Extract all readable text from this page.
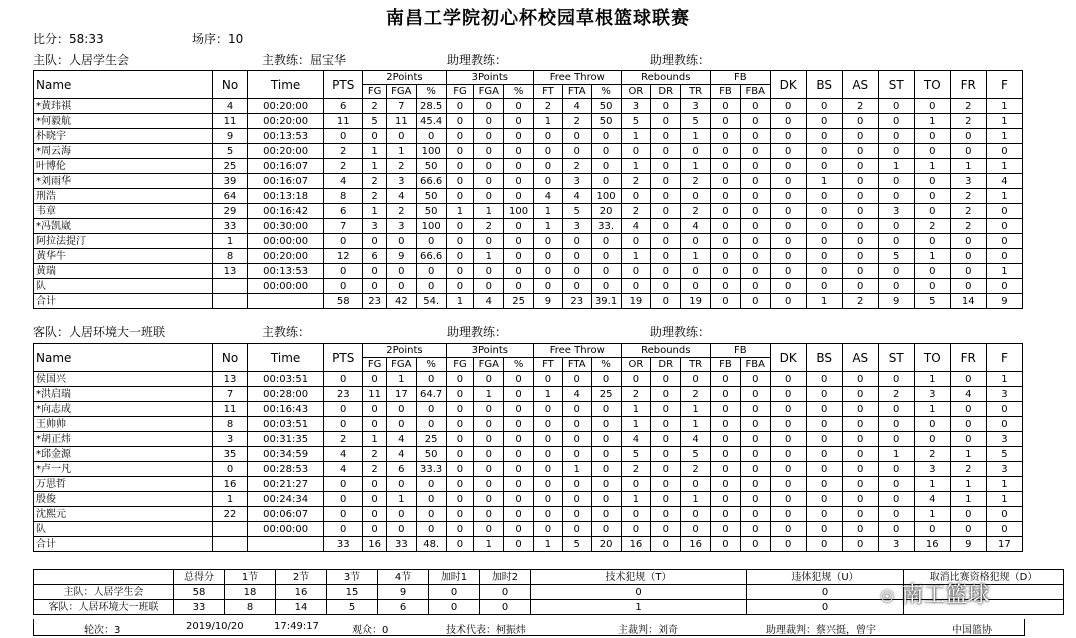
南昌工学院初心杯校园草根篮球联赛
比分：58:33	场序：10
主队：人居学生会	主教练：屈宝华	助理教练：	助理教练：
Name	No	Time	PTS	2Points			3Points			Free Throw			Rebounds			FB		DK	BS	AS	ST	TO	FR	F
				FG	FGA	%	FG	FGA	%	FT	FTA	%	OR	DR	TR	FB	FBA							
*黄玮祺	4	00:20:00	6	2	7	28.5	0	0	0	2	4	50	3	0	3	0	0	0	0	2	0	0	2	1
*何毅航	11	00:20:00	11	5	11	45.4	0	0	0	1	2	50	5	0	5	0	0	0	0	0	0	1	2	1
朴晓宇	9	00:13:53	0	0	0	0	0	0	0	0	0	0	1	0	1	0	0	0	0	0	0	0	0	1
*周云海	5	00:20:00	2	1	1	100	0	0	0	0	0	0	0	0	0	0	0	0	0	0	0	0	0	0
叶博伦	25	00:16:07	2	1	2	50	0	0	0	0	2	0	1	0	1	0	0	0	0	0	1	1	1	1
*刘雨华	39	00:16:07	4	2	3	66.6	0	0	0	0	3	0	2	0	2	0	0	0	1	0	0	0	3	4
刑浩	64	00:13:18	8	2	4	50	0	0	0	4	4	100	0	0	0	0	0	0	0	0	0	0	2	1
韦章	29	00:16:42	6	1	2	50	1	1	100	1	5	20	2	0	2	0	0	0	0	0	3	0	2	0
*冯凯崴	33	00:30:00	7	3	3	100	0	2	0	1	3	33.	4	0	4	0	0	0	0	0	0	2	2	0
阿拉法提汀	1	00:00:00	0	0	0	0	0	0	0	0	0	0	0	0	0	0	0	0	0	0	0	0	0	0
黄华牛	8	00:20:00	12	6	9	66.6	0	1	0	0	0	0	1	0	1	0	0	0	0	0	5	1	0	0
黄瑞	13	00:13:53	0	0	0	0	0	0	0	0	0	0	0	0	0	0	0	0	0	0	0	0	0	1
队		00:00:00	0	0	0	0	0	0	0	0	0	0	0	0	0	0	0	0	0	0	0	0	0	0
合计			58	23	42	54.	1	4	25	9	23	39.1	19	0	19	0	0	0	1	2	9	5	14	9
客队：人居环境大一班联	主教练：	助理教练：	助理教练：
Name	No	Time	PTS	2Points			3Points			Free Throw			Rebounds			FB		DK	BS	AS	ST	TO	FR	F
				FG	FGA	%	FG	FGA	%	FT	FTA	%	OR	DR	TR	FB	FBA							
侯国兴	13	00:03:51	0	0	1	0	0	0	0	0	0	0	0	0	0	0	0	0	0	0	0	1	0	1
*洪启瑞	7	00:28:00	23	11	17	64.7	0	1	0	1	4	25	2	0	2	0	0	0	0	0	2	3	4	3
*向志成	11	00:16:43	0	0	0	0	0	0	0	0	0	0	1	0	1	0	0	0	0	0	0	1	0	0
王帅帅	8	00:03:51	0	0	0	0	0	0	0	0	0	0	1	0	1	0	0	0	0	0	0	0	0	0
*胡正炜	3	00:31:35	2	1	4	25	0	0	0	0	0	0	4	0	4	0	0	0	0	0	0	0	0	3
*邱金源	35	00:34:59	4	2	4	50	0	0	0	0	0	0	5	0	5	0	0	0	0	0	1	2	1	5
*卢一凡	0	00:28:53	4	2	6	33.3	0	0	0	0	1	0	2	0	2	0	0	0	0	0	0	3	2	3
万思哲	16	00:21:27	0	0	0	0	0	0	0	0	0	0	0	0	0	0	0	0	0	0	0	1	1	1
殷俊	1	00:24:34	0	0	1	0	0	0	0	0	0	0	1	0	1	0	0	0	0	0	0	4	1	1
沈熙元	22	00:06:07	0	0	0	0	0	0	0	0	0	0	0	0	0	0	0	0	0	0	0	1	0	0
队		00:00:00	0	0	0	0	0	0	0	0	0	0	0	0	0	0	0	0	0	0	0	0	0	0
合计			33	16	33	48.	0	1	0	1	5	20	16	0	16	0	0	0	0	0	3	16	9	17
	总得分	1节	2节	3节	4节	加时1	加时2	技术犯规（T）	违体犯规（U）	取消比赛资格犯规（D）
主队：人居学生会	58	18	16	15	9	0	0	0	0	
客队：人居环境大一班联	33	8	14	5	6	0	0	1	0	
轮次：3	2019/10/20	17:49:17	观众：0	技术代表：柯振炜	主裁判：刘奇	助理裁判：蔡兴挺，曾宇	中国篮协
☉ 南工篮球
